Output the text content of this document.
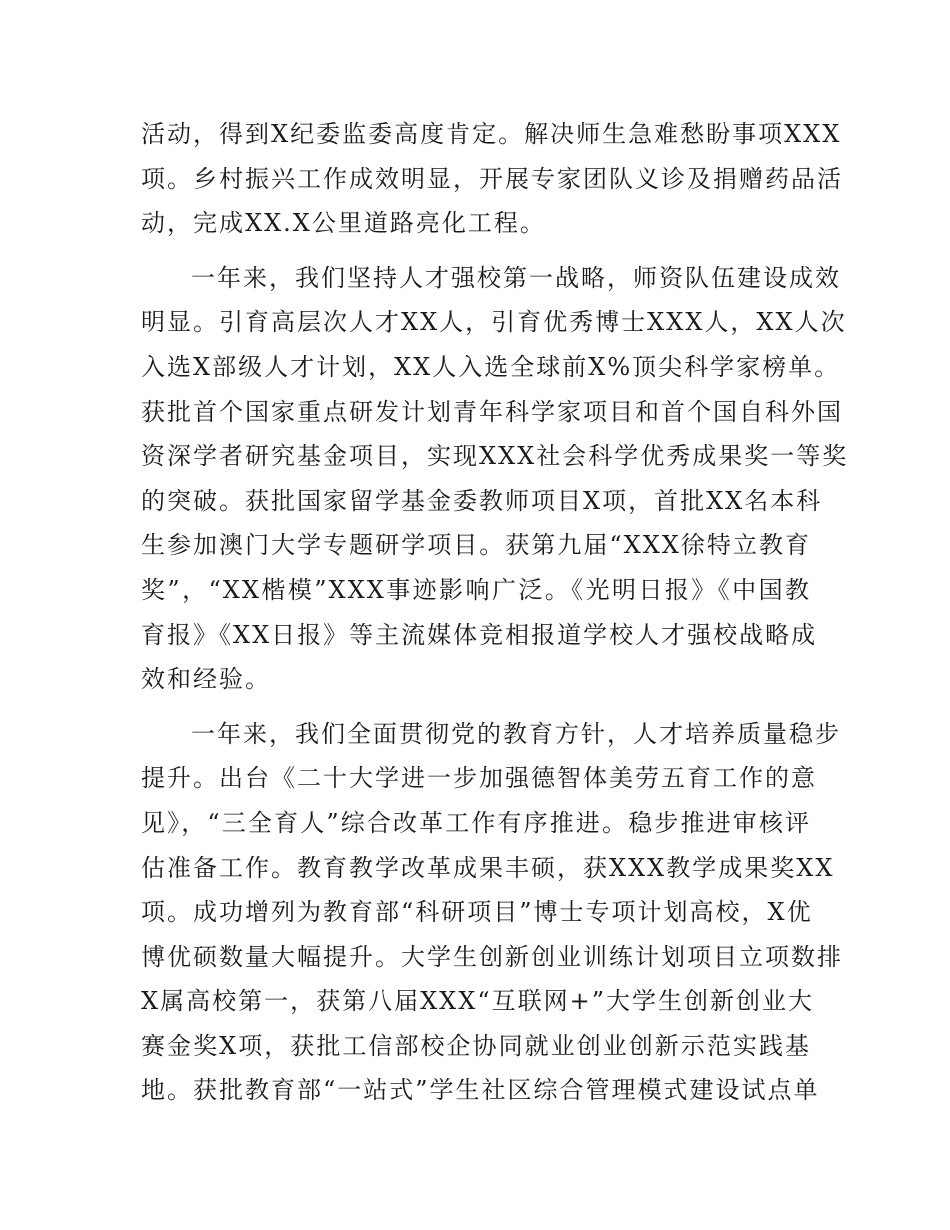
活动，得到X纪委监委高度肯定。解决师生急难愁盼事项XXX
项。乡村振兴工作成效明显，开展专家团队义诊及捐赠药品活
动，完成XX.X公里道路亮化工程。
一年来，我们坚持人才强校第一战略，师资队伍建设成效
明显。引育高层次人才XX人，引育优秀博士XXX人，XX人次
入选X部级人才计划，XX人入选全球前X%顶尖科学家榜单。
获批首个国家重点研发计划青年科学家项目和首个国自科外国
资深学者研究基金项目，实现XXX社会科学优秀成果奖一等奖
的突破。获批国家留学基金委教师项目X项，首批XX名本科
生参加澳门大学专题研学项目。获第九届“XXX徐特立教育
奖”，“XX楷模”XXX事迹影响广泛。《光明日报》《中国教
育报》《XX日报》等主流媒体竞相报道学校人才强校战略成
效和经验。
一年来，我们全面贯彻党的教育方针，人才培养质量稳步
提升。出台《二十大学进一步加强德智体美劳五育工作的意
见》，“三全育人”综合改革工作有序推进。稳步推进审核评
估准备工作。教育教学改革成果丰硕，获XXX教学成果奖XX
项。成功增列为教育部“科研项目”博士专项计划高校，X优
博优硕数量大幅提升。大学生创新创业训练计划项目立项数排
X属高校第一，获第八届XXX“互联网+”大学生创新创业大
赛金奖X项，获批工信部校企协同就业创业创新示范实践基
地。获批教育部“一站式”学生社区综合管理模式建设试点单
